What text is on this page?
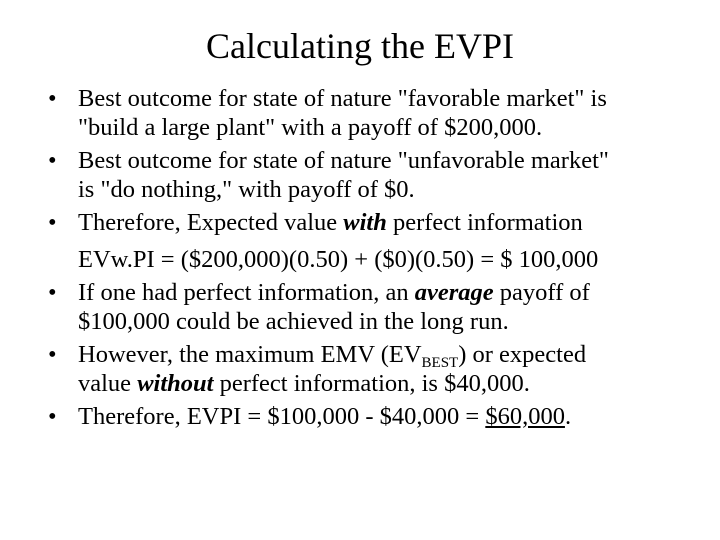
Calculating the EVPI
• Best outcome for state of nature "favorable market" is
"build a large plant" with a payoff of $200,000.
• Best outcome for state of nature "unfavorable market"
is "do nothing," with payoff of $0.
• Therefore, Expected value with perfect information
EVw.PI = ($200,000)(0.50) + ($0)(0.50) = $ 100,000
• If one had perfect information, an average payoff of
$100,000 could be achieved in the long run.
• However, the maximum EMV $(EV_{BEST})$ or expected
value without perfect information, is $40,000.
• Therefore, EVPI = $100,000 - $40,000 = $60,000.
